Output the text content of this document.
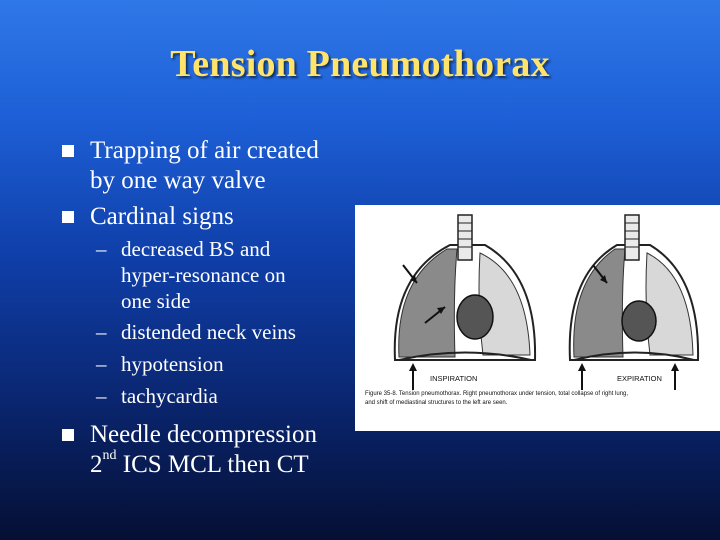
Tension Pneumothorax
Trapping of air created
by one way valve
Cardinal signs
– decreased BS and
hyper-resonance on
one side
– distended neck veins
– hypotension
– tachycardia
Needle decompression
2nd ICS MCL then CT
INSPIRATION	EXPIRATION
Figure 35-8. Tension pneumothorax. Right pneumothorax under tension, total collapse of right lung,
and shift of mediastinal structures to the left are seen.
